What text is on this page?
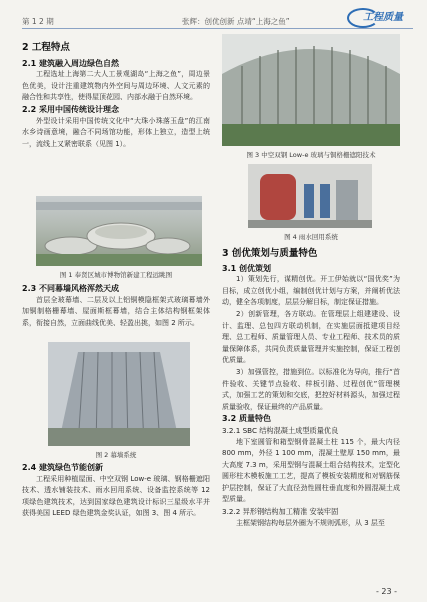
第 1 2 期	张辉：创优创新 点靖“上海之鱼”	工程质量
2 工程特点
2.1 建筑融入周边绿色自然

工程选址上海第二大人工景观湖岛“上海之鱼”，周边景色优美，设计注重建筑物内外空间与周边环境、人文元素的融合性和共享性，使得屋顶花园、内部水融于自然环境。

2.2 采用中国传统设计理念

外型设计采用中国传统文化中“大珠小珠落玉盘”的江南水乡诗画意境，融合不同场馆功能，形体上独立，造型上统一，流线上又紧密联系（见图 1）。

图 1 奉贤区城市博物馆新建工程远眺图
2.3 不同幕墙风格浑然天成

首层全玻幕墙、二层及以上铝铜模隐框架式玻璃幕墙外加铜制格栅幕墙、屋面斯框幕墙，结合主体结构钢框架体系，衔接自然，立面曲线优美、轻盈出挑，如图 2 所示。

图 2 幕墙系统
2.4 建筑绿色节能创新

工程采用种植屋面、中空双钢 Low-e 玻璃、钢格栅遮阳技术、透水铺装技术、雨水回用系统、设备监控系统等 12 项绿色建筑技术，达到国家绿色建筑设计标识三星级水平并获得美国 LEED 绿色建筑金奖认证，如图 3、图 4 所示。

图 3 中空双钢 Low-e 玻璃与铜格栅遮阳技术
图 4 雨水回用系统
3 创优策划与质量特色
3.1 创优策划

1）策划先行，谋精创优。开工伊始就以“国优奖”为目标，成立创优小组，编制创优计划与方案，并阐析优法动，健全各项制度，层层分解目标，制定保证措施。

2）创新管理，各方联动。在管理层上组建建设、设计、监理、总包四方联动机制，在实施层面抵建项目经理、总工程师、质量管理人员、专业工程师、技术员的质量保障体系，共同负责质量管理并实施控制，保证工程创优质量。

3）加强管控，措施到位。以标准化为导向，推行“首件验收、关键节点验收、样板引路、过程创优”管理模式，加强工艺的策划和交底，把控好材料源头，加强过程质量验收，保证最终的产品质量。

3.2 质量特色
3.2.1 SBC 结构混凝土成型质量优良

地下室圆管和箱型钢骨混凝土柱 115 个，最大内径 800 mm，外径 1 100 mm，混凝土壁厚 150 mm，最大高度 7.3 m，采用型钢与混凝土组合结构技术，定型化圆形柱木模板施工工艺，提高了模板安装精度和对钢筋保护层控制，保证了大直径劲性圆柱垂直度和外圆混凝土成型质量。

3.2.2 异形钢结构加工精准 安装牢固

主框架钢结构每层外圈为不规则弧形，从 3 层至

- 23 -
